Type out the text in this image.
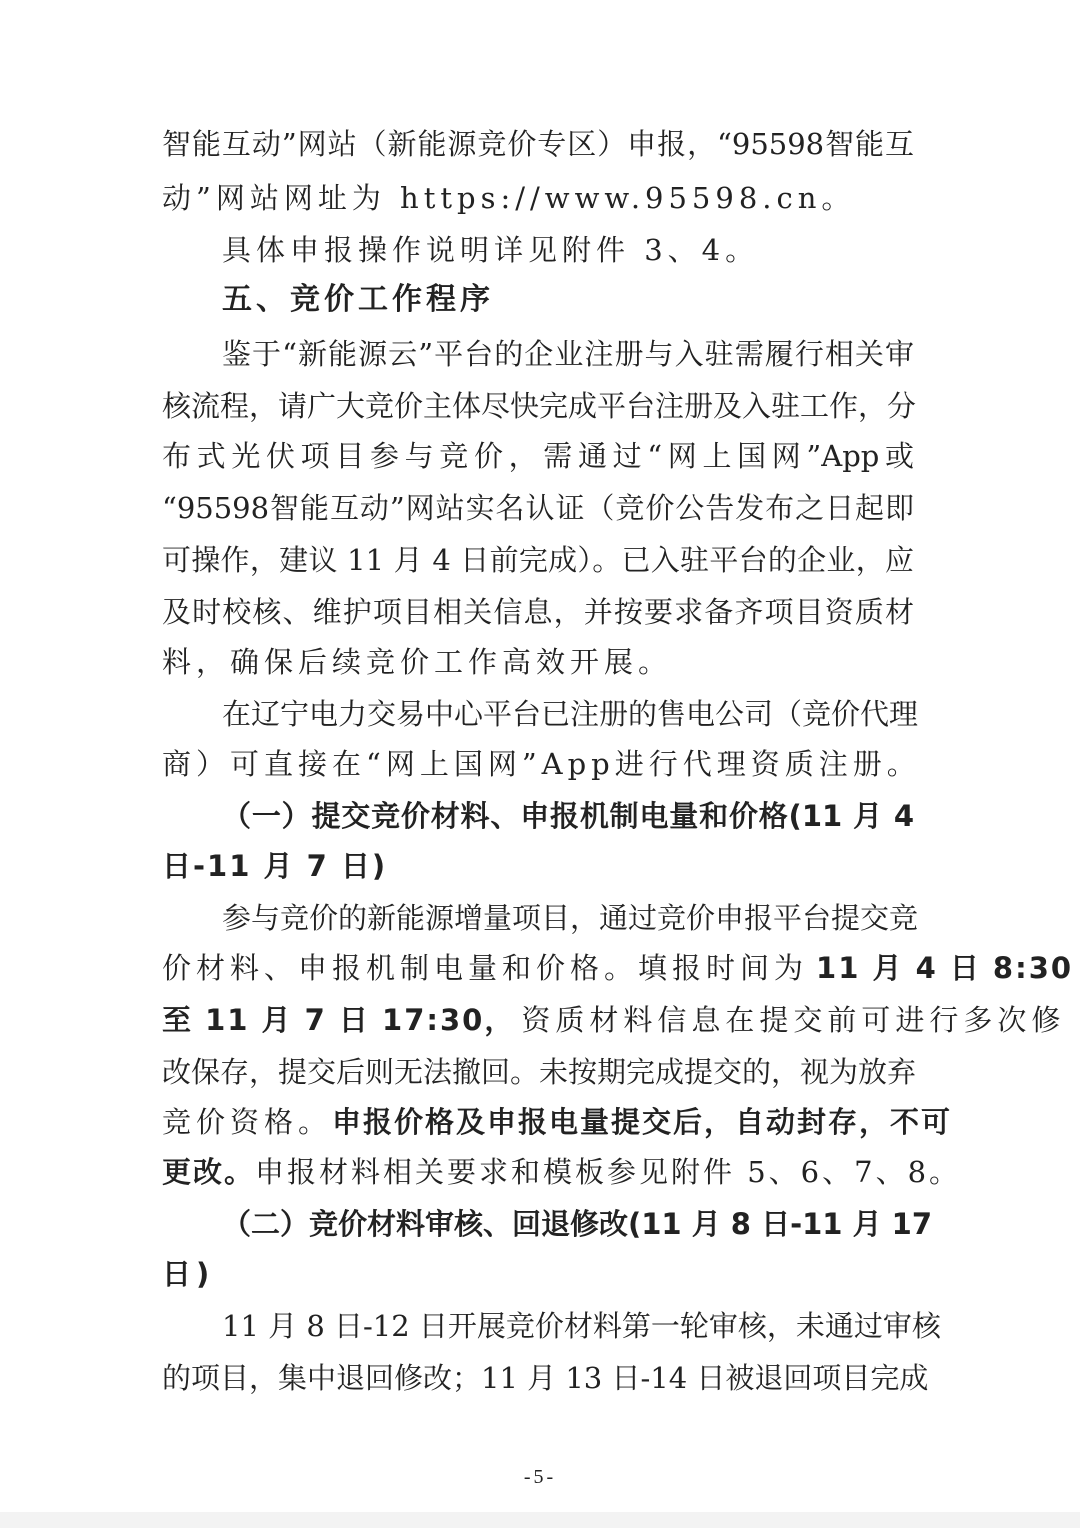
智能互动”网站（新能源竞价专区）申报，“95598智能互
动”网站网址为 https://www.95598.cn。
具体申报操作说明详见附件 3、4。
五、竞价工作程序
鉴于“新能源云”平台的企业注册与入驻需履行相关审
核流程，请广大竞价主体尽快完成平台注册及入驻工作，分
布式光伏项目参与竞价，需通过“网上国网”App或
“95598智能互动”网站实名认证（竞价公告发布之日起即
可操作，建议 11 月 4 日前完成）。已入驻平台的企业，应
及时校核、维护项目相关信息，并按要求备齐项目资质材
料，确保后续竞价工作高效开展。
在辽宁电力交易中心平台已注册的售电公司（竞价代理
商）可直接在“网上国网”App进行代理资质注册。
（一）提交竞价材料、申报机制电量和价格(11 月 4
日-11 月 7 日)
参与竞价的新能源增量项目，通过竞价申报平台提交竞
价材料、申报机制电量和价格。填报时间为 11 月 4 日 8:30
至 11 月 7 日 17:30， 资质材料信息在提交前可进行多次修
改保存，提交后则无法撤回。未按期完成提交的，视为放弃
竞价资格。申报价格及申报电量提交后，自动封存，不可
更改。申报材料相关要求和模板参见附件 5、6、7、8。
（二）竞价材料审核、回退修改(11 月 8 日-11 月 17
日)
11 月 8 日-12 日开展竞价材料第一轮审核，未通过审核
的项目，集中退回修改；11 月 13 日-14 日被退回项目完成
-5-
